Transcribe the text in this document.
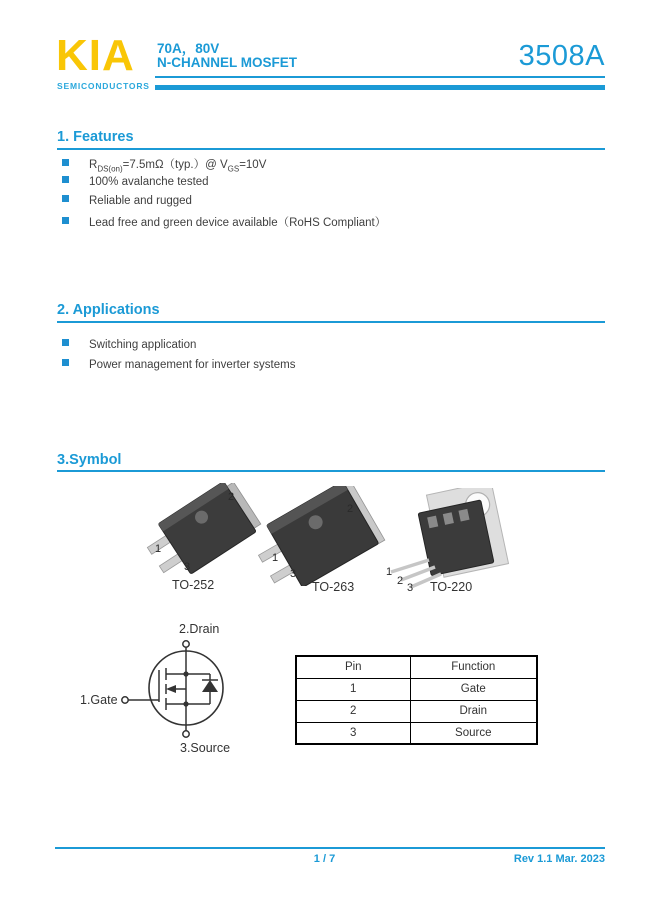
KIA
SEMICONDUCTORS
70A，80V
N-CHANNEL MOSFET	3508A
1. Features
$R_{DS(on)}=7.5m\Omega(typ.)@$ $V_{GS}=10V$
100% avalanche tested
Reliable and rugged
Lead free and green device available（RoHS Compliant）
2. Applications
Switching application
Power management for inverter systems
3.Symbol
2
1
3
TO-252
2
1
3
TO-263
1
2
3 TO-220
2.Drain
1.Gate
3.Source
Pin	Function
1	Gate
2	Drain
3	Source
1 / 7	Rev 1.1 Mar. 2023
